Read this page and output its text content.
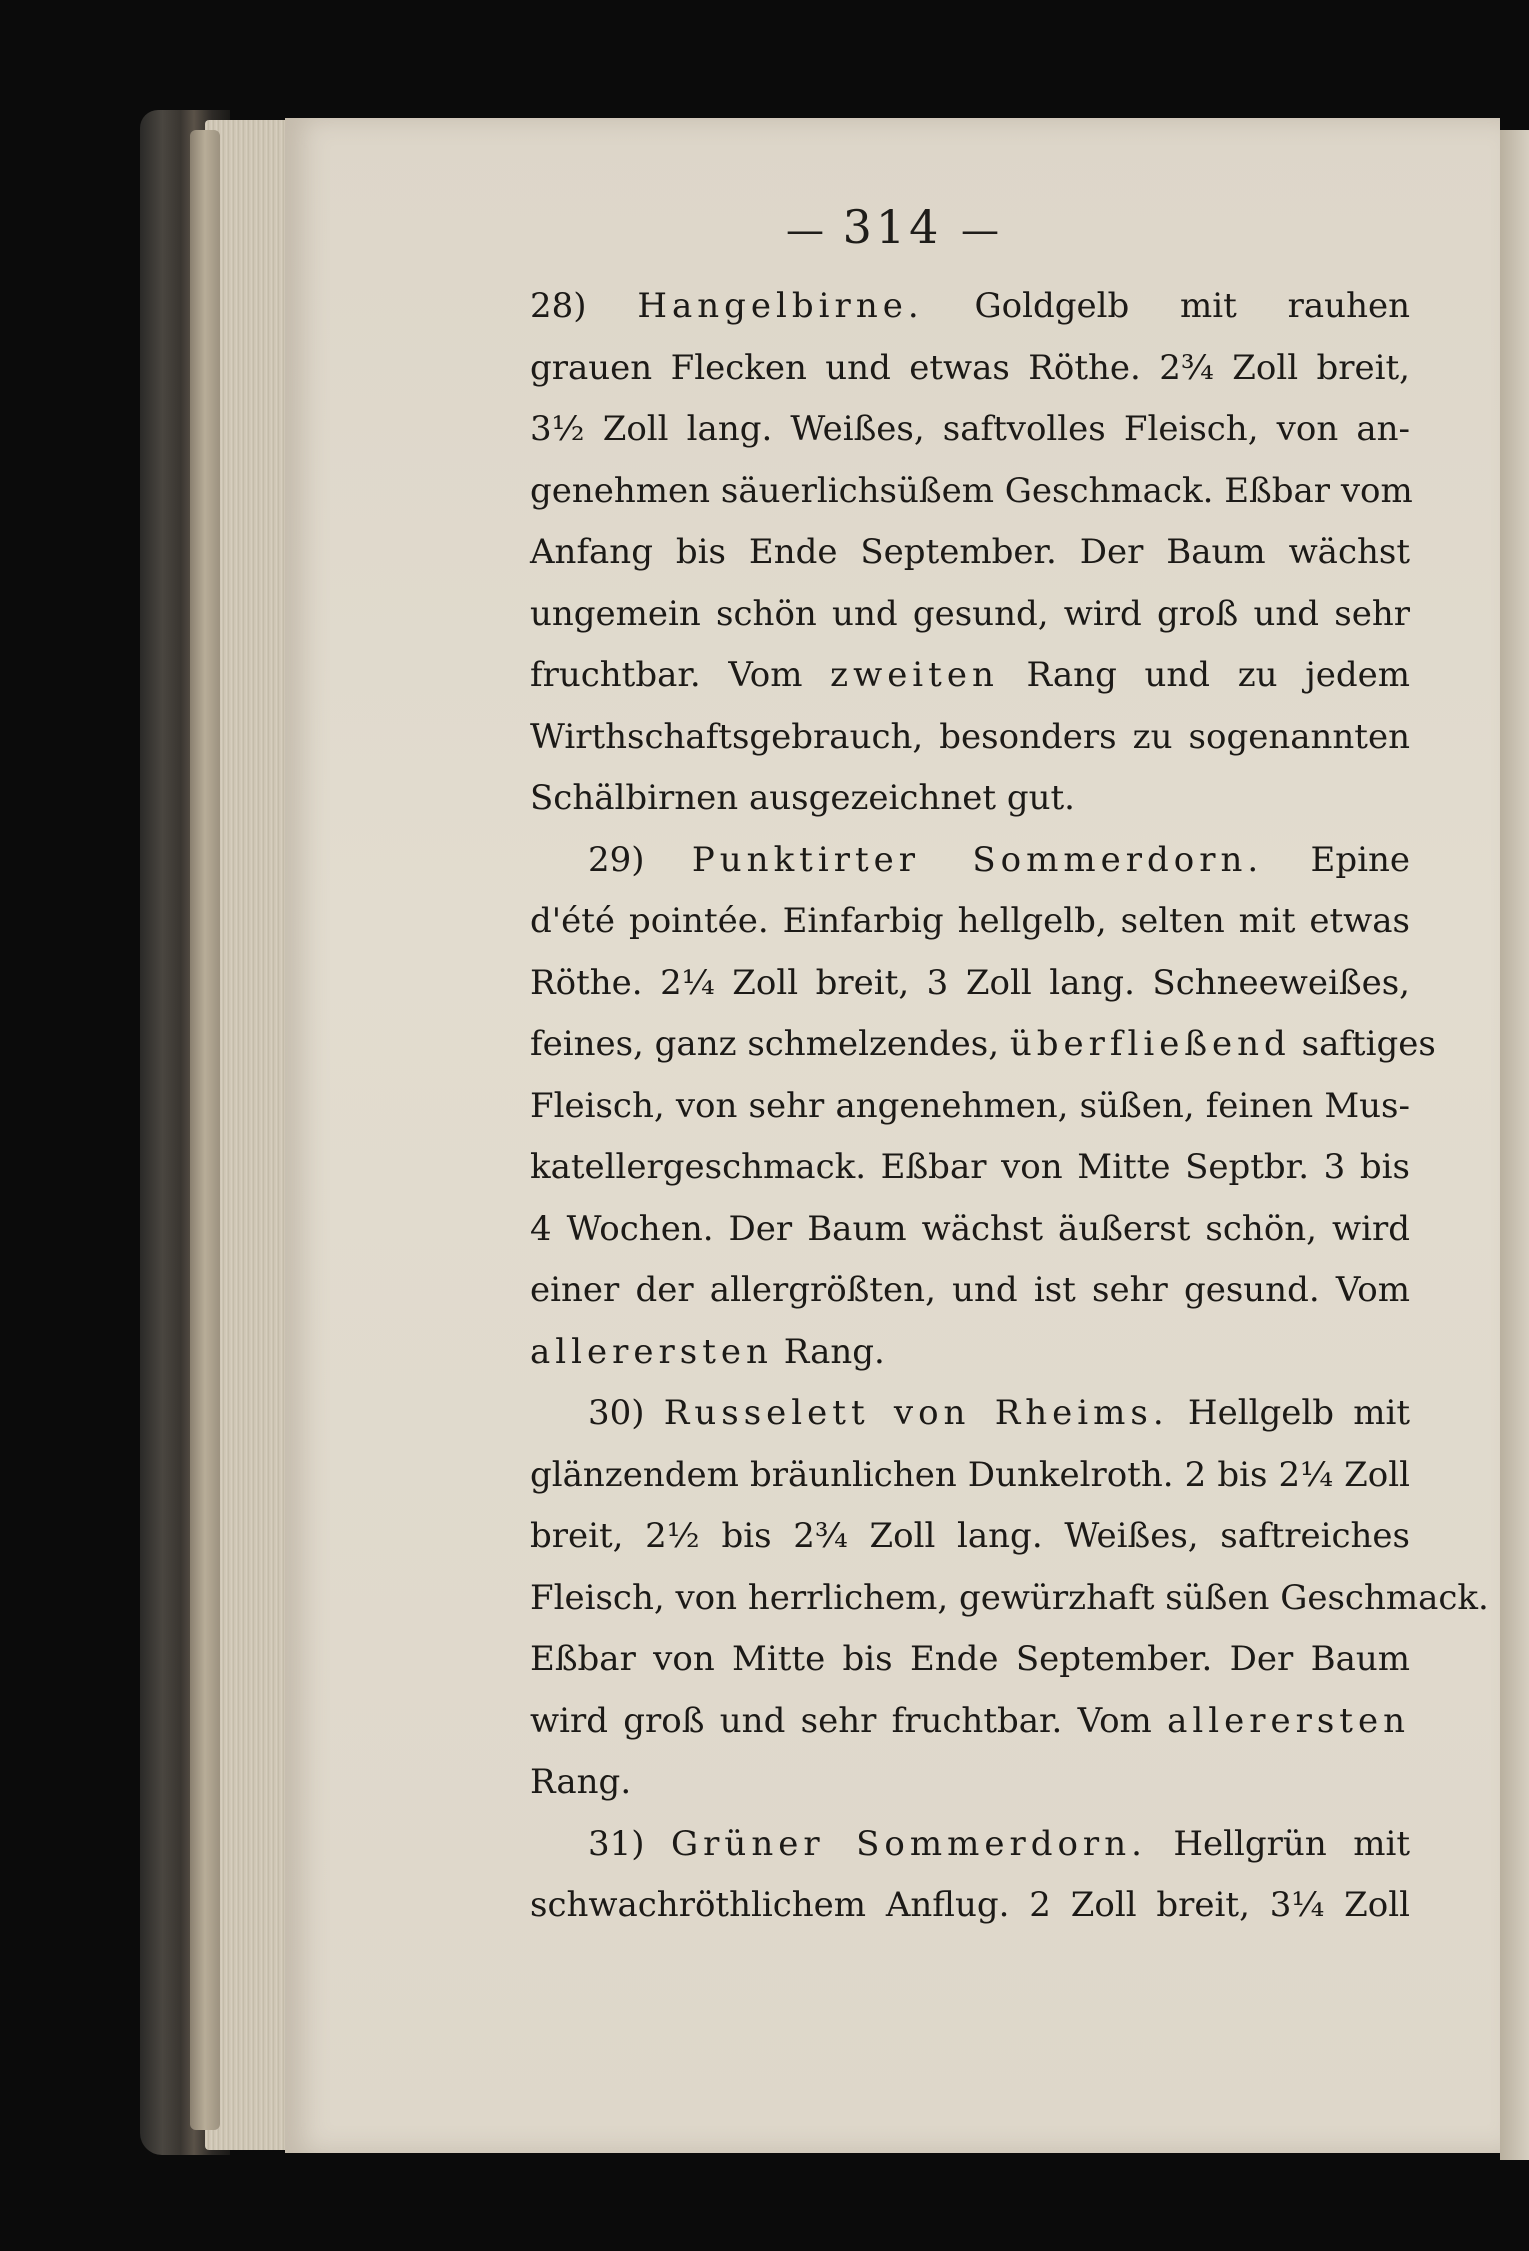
— 314 —
28) Hangelbirne. Goldgelb mit rauhen
grauen Flecken und etwas Röthe. 2¾ Zoll breit,
3½ Zoll lang. Weißes, saftvolles Fleisch, von an-
genehmen säuerlichsüßem Geschmack. Eßbar vom
Anfang bis Ende September. Der Baum wächst
ungemein schön und gesund, wird groß und sehr
fruchtbar. Vom zweiten Rang und zu jedem
Wirthschaftsgebrauch, besonders zu sogenannten
Schälbirnen ausgezeichnet gut.
29) Punktirter Sommerdorn. Epine
d'été pointée. Einfarbig hellgelb, selten mit etwas
Röthe. 2¼ Zoll breit, 3 Zoll lang. Schneeweißes,
feines, ganz schmelzendes, überfließend saftiges
Fleisch, von sehr angenehmen, süßen, feinen Mus-
katellergeschmack. Eßbar von Mitte Septbr. 3 bis
4 Wochen. Der Baum wächst äußerst schön, wird
einer der allergrößten, und ist sehr gesund. Vom
allerersten Rang.
30) Russelett von Rheims. Hellgelb mit
glänzendem bräunlichen Dunkelroth. 2 bis 2¼ Zoll
breit, 2½ bis 2¾ Zoll lang. Weißes, saftreiches
Fleisch, von herrlichem, gewürzhaft süßen Geschmack.
Eßbar von Mitte bis Ende September. Der Baum
wird groß und sehr fruchtbar. Vom allerersten
Rang.
31) Grüner Sommerdorn. Hellgrün mit
schwachröthlichem Anflug. 2 Zoll breit, 3¼ Zoll
